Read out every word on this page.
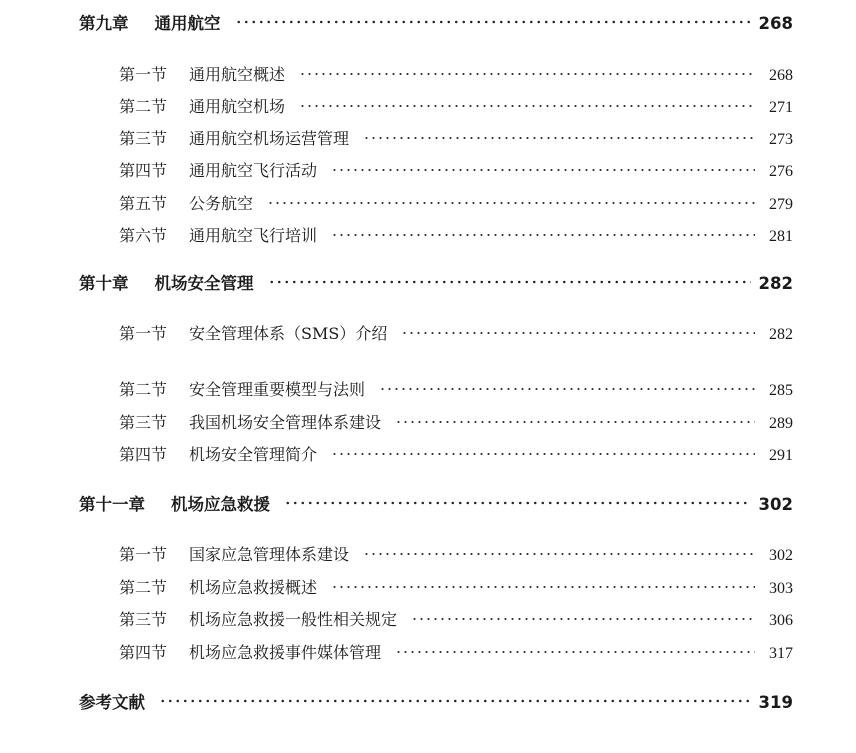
第九章 通用航空	268
第一节 通用航空概述	268
第二节 通用航空机场	271
第三节 通用航空机场运营管理	273
第四节 通用航空飞行活动	276
第五节 公务航空	279
第六节 通用航空飞行培训	281
第十章 机场安全管理	282
第一节 安全管理体系（SMS）介绍	282
第二节 安全管理重要模型与法则	285
第三节 我国机场安全管理体系建设	289
第四节 机场安全管理简介	291
第十一章 机场应急救援	302
第一节 国家应急管理体系建设	302
第二节 机场应急救援概述	303
第三节 机场应急救援一般性相关规定	306
第四节 机场应急救援事件媒体管理	317
参考文献	319
